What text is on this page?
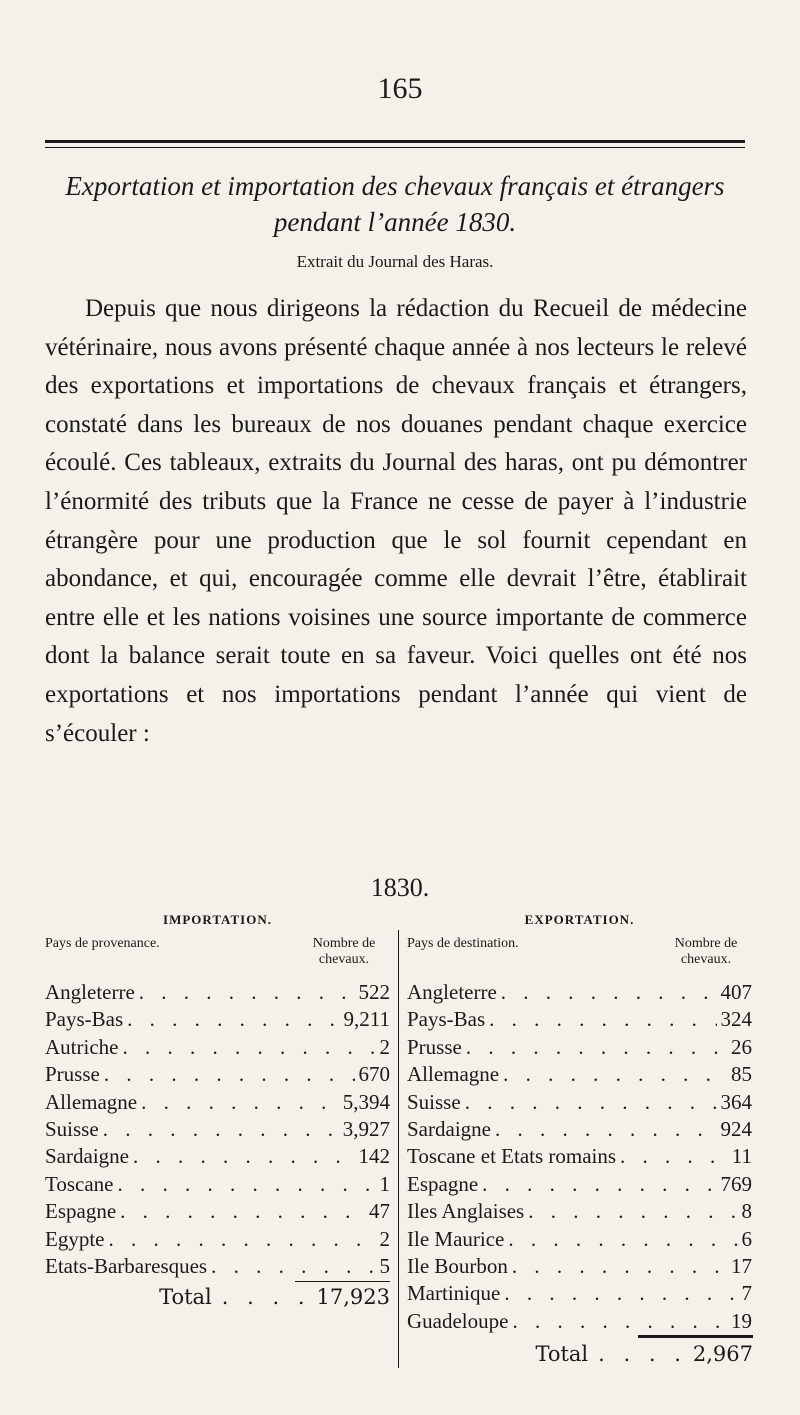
165
Exportation et importation des chevaux français et étrangers pendant l’année 1830.
Extrait du Journal des Haras.

Depuis que nous dirigeons la rédaction du Recueil de médecine vétérinaire, nous avons présenté chaque année à nos lecteurs le relevé des exportations et importations de chevaux français et étrangers, constaté dans les bureaux de nos douanes pendant chaque exercice écoulé. Ces tableaux, extraits du Journal des haras, ont pu démontrer l’énormité des tributs que la France ne cesse de payer à l’industrie étrangère pour une production que le sol fournit cependant en abondance, et qui, encouragée comme elle devrait l’être, établirait entre elle et les nations voisines une source importante de commerce dont la balance serait toute en sa faveur. Voici quelles ont été nos exportations et nos importations pendant l’année qui vient de s’écouler :

1830.
IMPORTATION.
Pays de provenance.	Nombre de chevaux.
Angleterre . . .	522
Pays-Bas . . .	9,211
Autriche . . .	2
Prusse . . .	670
Allemagne . . .	5,394
Suisse . . .	3,927
Sardaigne . . .	142
Toscane . . .	1
Espagne . . .	47
Egypte . . .	2
Etats-Barbaresques . . .	5
EXPORTATION.
Pays de destination.	Nombre de chevaux.
Angleterre . . .	407
Pays-Bas . . .	324
Prusse . . .	26
Allemagne . . .	85
Suisse . . .	364
Sardaigne . . .	924
Toscane et Etats romains . . .	11
Espagne . . .	769
Iles Anglaises . . .	8
Ile Maurice . . .	6
Ile Bourbon . . .	17
Martinique . . .	7
Guadeloupe . . .	19
Total . . . . 17,923
Total . . . . 2,967
